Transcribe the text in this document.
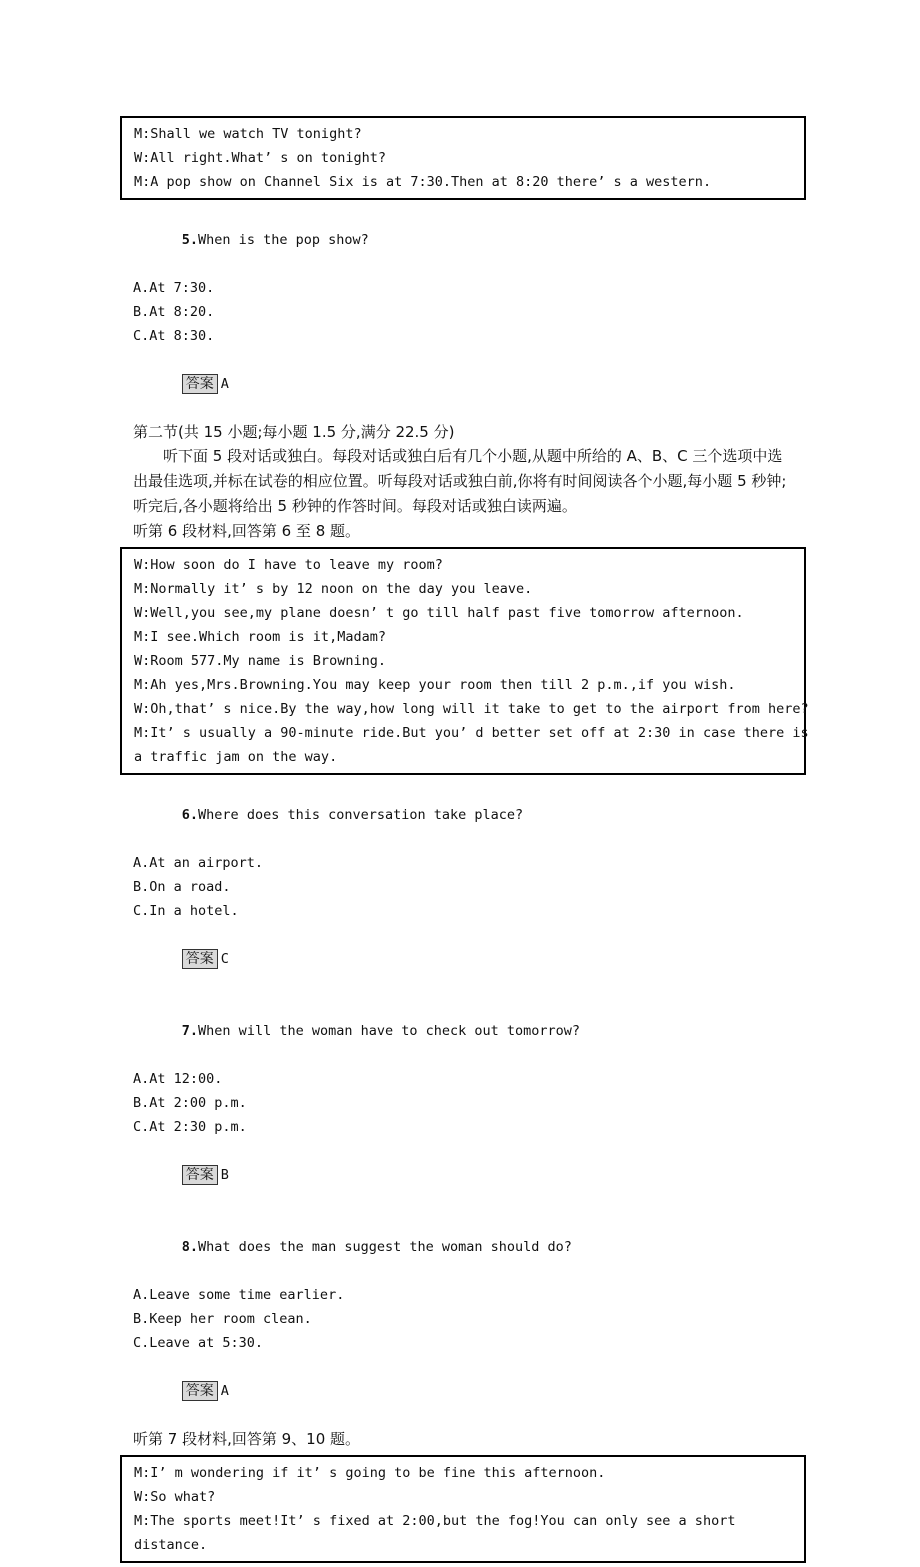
M:Shall we watch TV tonight?
W:All right.What’ s on tonight?
M:A pop show on Channel Six is at 7:30.Then at 8:20 there’ s a western.

5.When is the pop show?

A.At 7:30.
B.At 8:20.
C.At 8:30.

答案 A

第二节(共 15 小题;每小题 1.5 分,满分 22.5 分)
听下面 5 段对话或独白。每段对话或独白后有几个小题,从题中所给的 A、B、C 三个选项中选出最佳选项,并标在试卷的相应位置。听每段对话或独白前,你将有时间阅读各个小题,每小题 5 秒钟;听完后,各小题将给出 5 秒钟的作答时间。每段对话或独白读两遍。
听第 6 段材料,回答第 6 至 8 题。
W:How soon do I have to leave my room?
M:Normally it’ s by 12 noon on the day you leave.
W:Well,you see,my plane doesn’ t go till half past five tomorrow afternoon.
M:I see.Which room is it,Madam?
W:Room 577.My name is Browning.
M:Ah yes,Mrs.Browning.You may keep your room then till 2 p.m.,if you wish.
W:Oh,that’ s nice.By the way,how long will it take to get to the airport from here?
M:It’ s usually a 90-minute ride.But you’ d better set off at 2:30 in case there is
a traffic jam on the way.

6.Where does this conversation take place?

A.At an airport.
B.On a road.
C.In a hotel.

答案 C

7.When will the woman have to check out tomorrow?

A.At 12:00.
B.At 2:00 p.m.
C.At 2:30 p.m.

答案 B

8.What does the man suggest the woman should do?

A.Leave some time earlier.
B.Keep her room clean.
C.Leave at 5:30.

答案 A

听第 7 段材料,回答第 9、10 题。
M:I’ m wondering if it’ s going to be fine this afternoon.
W:So what?
M:The sports meet!It’ s fixed at 2:00,but the fog!You can only see a short
distance.
